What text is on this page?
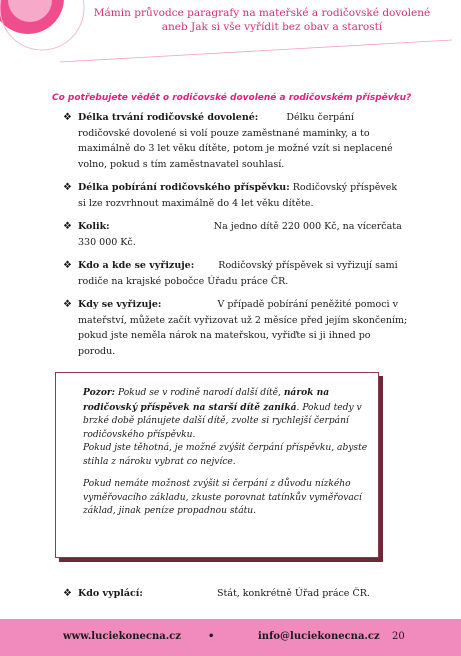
Mámin průvodce paragrafy na mateřské a rodičovské dovolené
aneb Jak si vše vyřídit bez obav a starostí
Co potřebujete vědět o rodičovské dovolené a rodičovském příspěvku?
❖ Délka trvání rodičovské dovolené:	Délku čerpání rodičovské dovolené si volí pouze zaměstnané maminky, a to maximálně do 3 let věku dítěte, potom je možné vzít si neplacené volno, pokud s tím zaměstnavatel souhlasí.
❖ Délka pobírání rodičovského příspěvku: Rodičovský příspěvek si lze rozvrhnout maximálně do 4 let věku dítěte.
❖ Kolik:	Na jedno dítě 220 000 Kč, na vícerčata 330 000 Kč.
❖ Kdo a kde se vyřizuje:	Rodičovský příspěvek si vyřizují sami rodiče na krajské pobočce Úřadu práce ČR.
❖ Kdy se vyřizuje:	V případě pobírání peněžité pomoci v mateřství, můžete začít vyřizovat už 2 měsíce před jejím skončením; pokud jste neměla nárok na mateřskou, vyřiďte si ji ihned po porodu.

Pozor: Pokud se v rodině narodí další dítě, nárok na rodičovský příspěvek na starší dítě zaniká. Pokud tedy v brzké době plánujete další dítě, zvolte si rychlejší čerpání rodičovského příspěvku.
Pokud jste těhotná, je možné zvýšit čerpání příspěvku, abyste stihla z nároku vybrat co nejvíce.

Pokud nemáte možnost zvýšit si čerpání z důvodu nízkého vyměřovacího základu, zkuste porovnat tatínkův vyměřovací základ, jinak peníze propadnou státu.

❖ Kdo vyplácí:	Stát, konkrétně Úřad práce ČR.
www.luciekonecna.cz	•	info@luciekonecna.cz 20
